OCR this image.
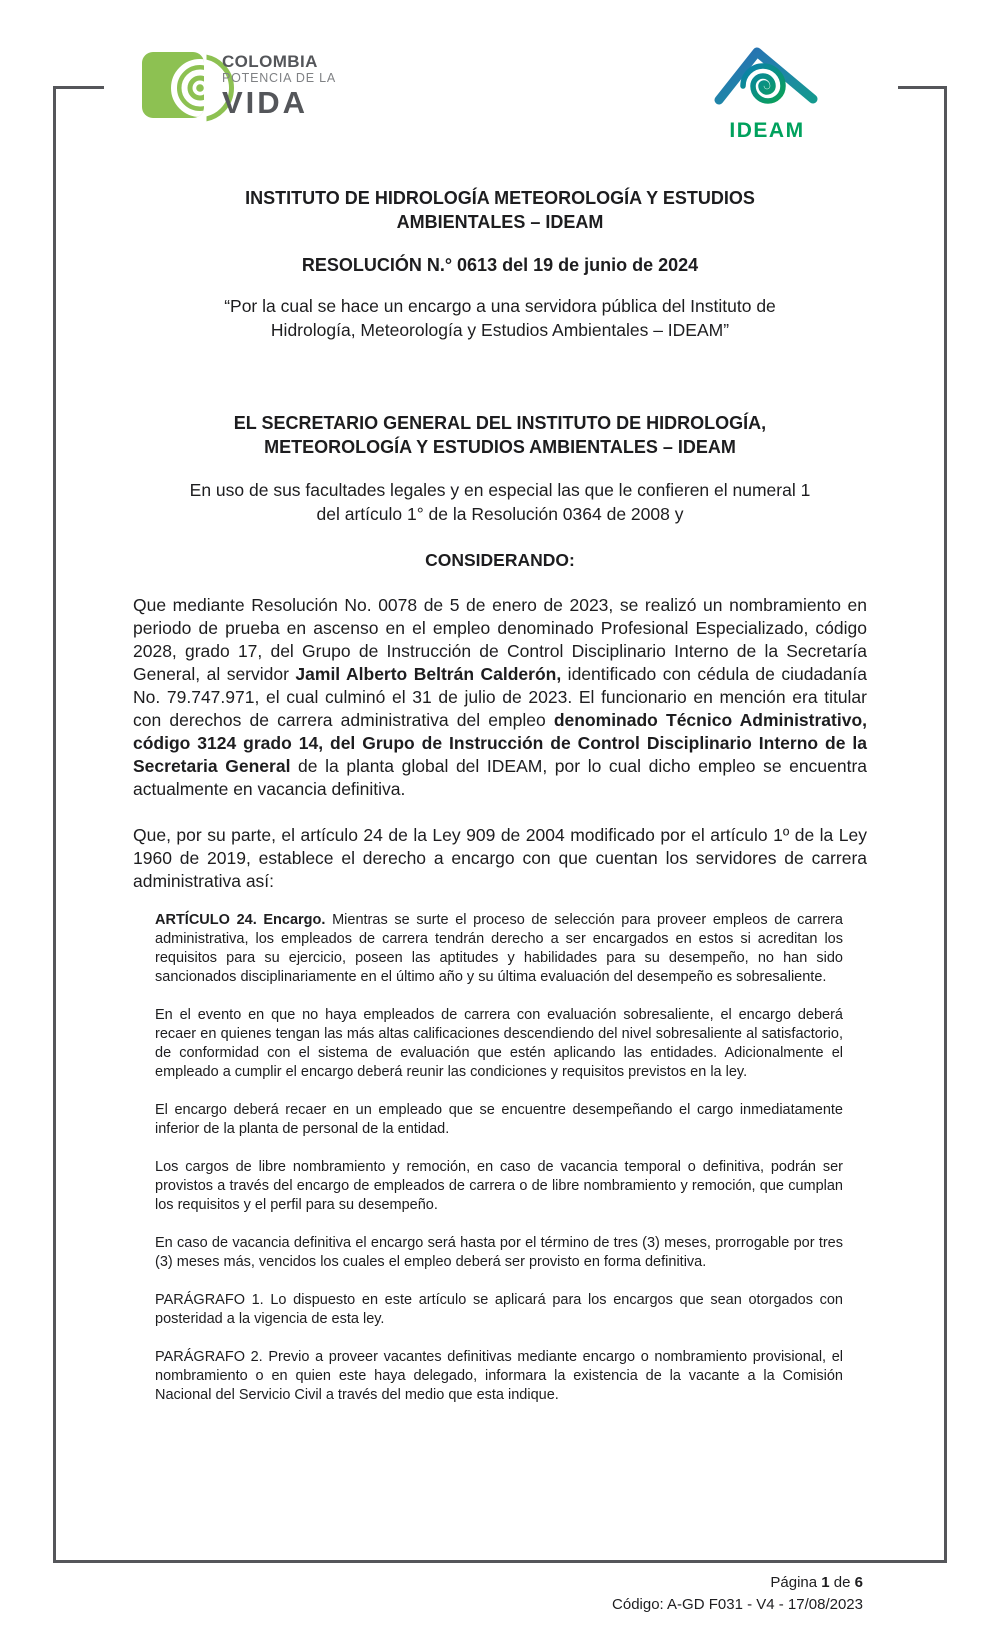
COLOMBIA
POTENCIA DE LA
VIDA
IDEAM
INSTITUTO DE HIDROLOGÍA METEOROLOGÍA Y ESTUDIOS
AMBIENTALES – IDEAM
RESOLUCIÓN N.° 0613 del 19 de junio de 2024
“Por la cual se hace un encargo a una servidora pública del Instituto de
Hidrología, Meteorología y Estudios Ambientales – IDEAM”
EL SECRETARIO GENERAL DEL INSTITUTO DE HIDROLOGÍA,
METEOROLOGÍA Y ESTUDIOS AMBIENTALES – IDEAM
En uso de sus facultades legales y en especial las que le confieren el numeral 1
del artículo 1° de la Resolución 0364 de 2008 y
CONSIDERANDO:

Que mediante Resolución No. 0078 de 5 de enero de 2023, se realizó un nombramiento en periodo de prueba en ascenso en el empleo denominado Profesional Especializado, código 2028, grado 17, del Grupo de Instrucción de Control Disciplinario Interno de la Secretaría General, al servidor Jamil Alberto Beltrán Calderón, identificado con cédula de ciudadanía No. 79.747.971, el cual culminó el 31 de julio de 2023. El funcionario en mención era titular con derechos de carrera administrativa del empleo denominado Técnico Administrativo, código 3124 grado 14, del Grupo de Instrucción de Control Disciplinario Interno de la Secretaria General de la planta global del IDEAM, por lo cual dicho empleo se encuentra actualmente en vacancia definitiva.

Que, por su parte, el artículo 24 de la Ley 909 de 2004 modificado por el artículo 1º de la Ley 1960 de 2019, establece el derecho a encargo con que cuentan los servidores de carrera administrativa así:

ARTÍCULO 24. Encargo. Mientras se surte el proceso de selección para proveer empleos de carrera administrativa, los empleados de carrera tendrán derecho a ser encargados en estos si acreditan los requisitos para su ejercicio, poseen las aptitudes y habilidades para su desempeño, no han sido sancionados disciplinariamente en el último año y su última evaluación del desempeño es sobresaliente.

En el evento en que no haya empleados de carrera con evaluación sobresaliente, el encargo deberá recaer en quienes tengan las más altas calificaciones descendiendo del nivel sobresaliente al satisfactorio, de conformidad con el sistema de evaluación que estén aplicando las entidades. Adicionalmente el empleado a cumplir el encargo deberá reunir las condiciones y requisitos previstos en la ley.

El encargo deberá recaer en un empleado que se encuentre desempeñando el cargo inmediatamente inferior de la planta de personal de la entidad.

Los cargos de libre nombramiento y remoción, en caso de vacancia temporal o definitiva, podrán ser provistos a través del encargo de empleados de carrera o de libre nombramiento y remoción, que cumplan los requisitos y el perfil para su desempeño.

En caso de vacancia definitiva el encargo será hasta por el término de tres (3) meses, prorrogable por tres (3) meses más, vencidos los cuales el empleo deberá ser provisto en forma definitiva.

PARÁGRAFO 1. Lo dispuesto en este artículo se aplicará para los encargos que sean otorgados con posteridad a la vigencia de esta ley.

PARÁGRAFO 2. Previo a proveer vacantes definitivas mediante encargo o nombramiento provisional, el nombramiento o en quien este haya delegado, informara la existencia de la vacante a la Comisión Nacional del Servicio Civil a través del medio que esta indique.

Página 1 de 6
Código: A-GD F031 - V4 - 17/08/2023
